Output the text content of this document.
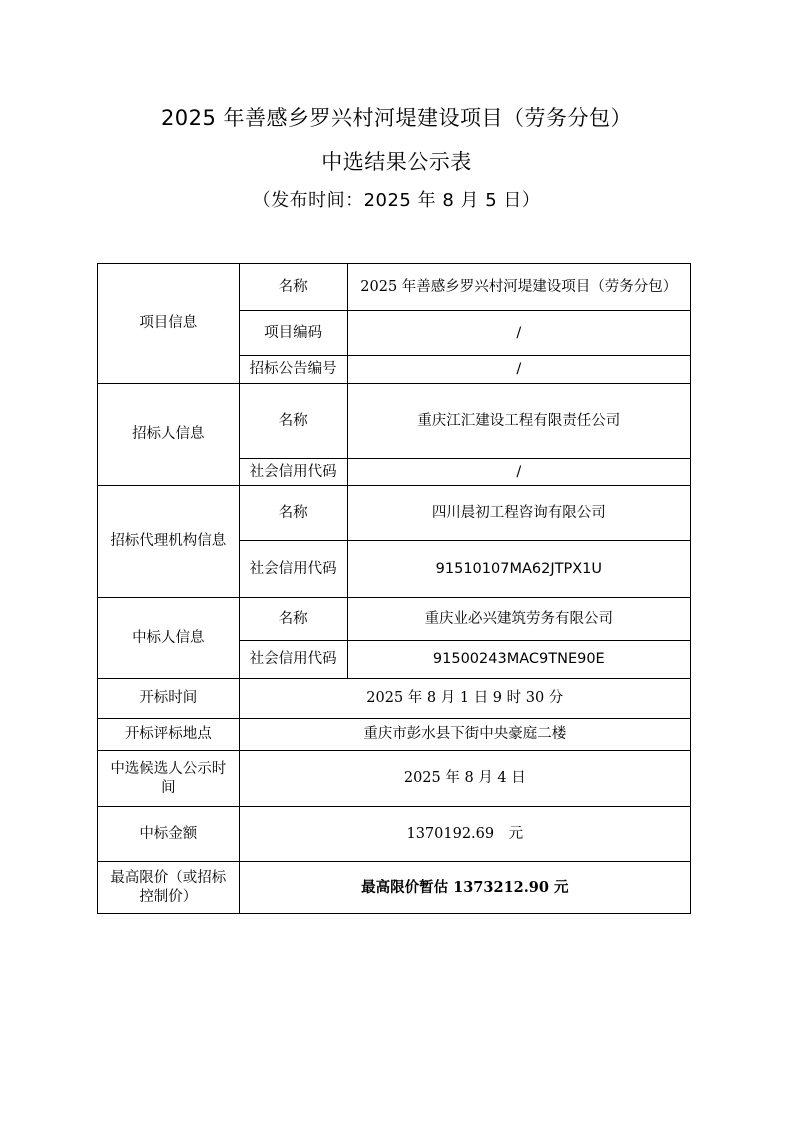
2025 年善感乡罗兴村河堤建设项目（劳务分包）
中选结果公示表
（发布时间：2025 年 8 月 5 日）
项目信息	名称	2025 年善感乡罗兴村河堤建设项目（劳务分包）
	项目编码	/
	招标公告编号	/
招标人信息	名称	重庆江汇建设工程有限责任公司
	社会信用代码	/
招标代理机构信息	名称	四川晨初工程咨询有限公司
	社会信用代码	91510107MA62JTPX1U
中标人信息	名称	重庆业必兴建筑劳务有限公司
	社会信用代码	91500243MAC9TNE90E
开标时间	2025 年 8 月 1 日 9 时 30 分	
开标评标地点	重庆市彭水县下街中央豪庭二楼	
中选候选人公示时间	2025 年 8 月 4 日	
中标金额	1370192.69　元	
最高限价（或招标控制价）	最高限价暂估 1373212.90 元	
